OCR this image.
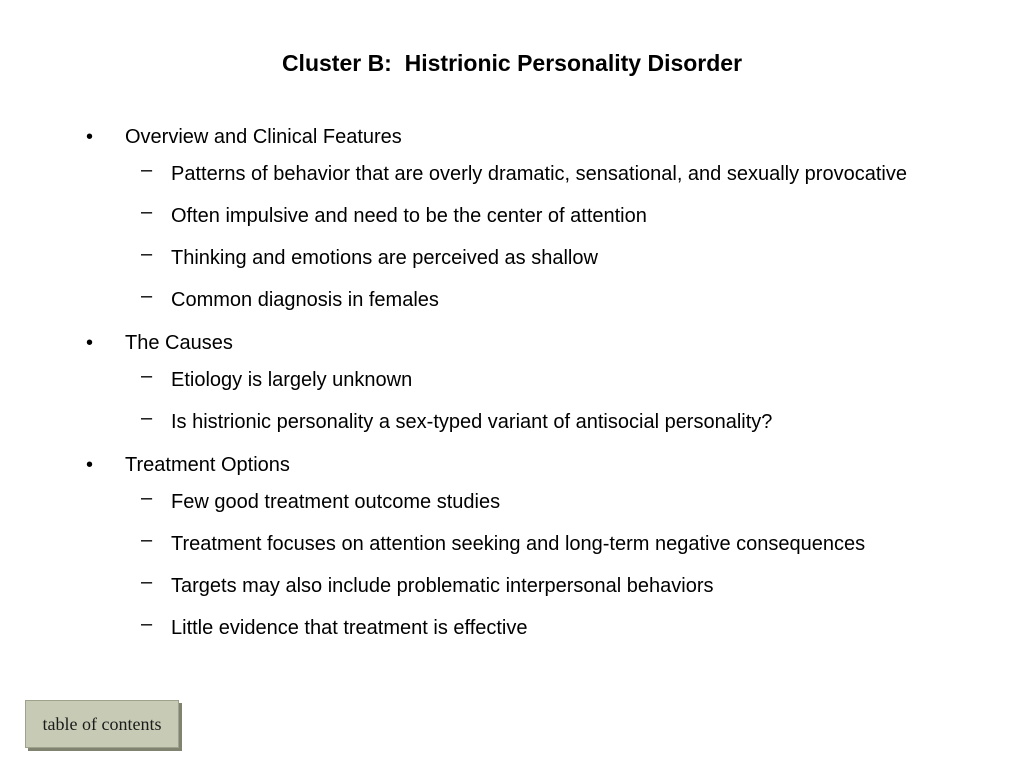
Cluster B:  Histrionic Personality Disorder
• Overview and Clinical Features
– Patterns of behavior that are overly dramatic, sensational, and sexually provocative
– Often impulsive and need to be the center of attention
– Thinking and emotions are perceived as shallow
– Common diagnosis in females
• The Causes
– Etiology is largely unknown
– Is histrionic personality a sex-typed variant of antisocial personality?
• Treatment Options
– Few good treatment outcome studies
– Treatment focuses on attention seeking and long-term negative consequences
– Targets may also include problematic interpersonal behaviors
– Little evidence that treatment is effective
table of contents
